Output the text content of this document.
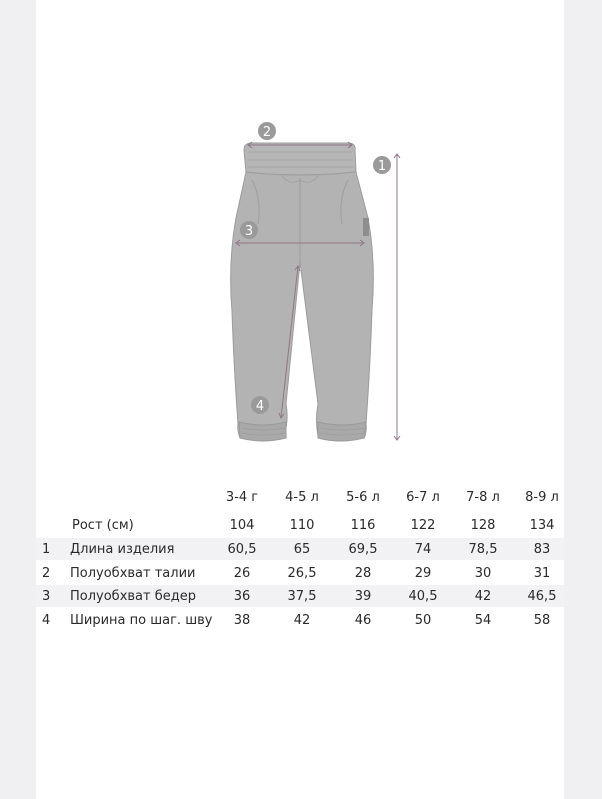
1
2
3
4
3-4 г	4-5 л	5-6 л	6-7 л	7-8 л	8-9 л
Рост (см)	104	110	116	122	128	134
1 Длина изделия	60,5	65	69,5	74	78,5	83
2 Полуобхват талии	26	26,5	28	29	30	31
3 Полуобхват бедер	36	37,5	39	40,5	42	46,5
4 Ширина по шаг. шву	38	42	46	50	54	58
